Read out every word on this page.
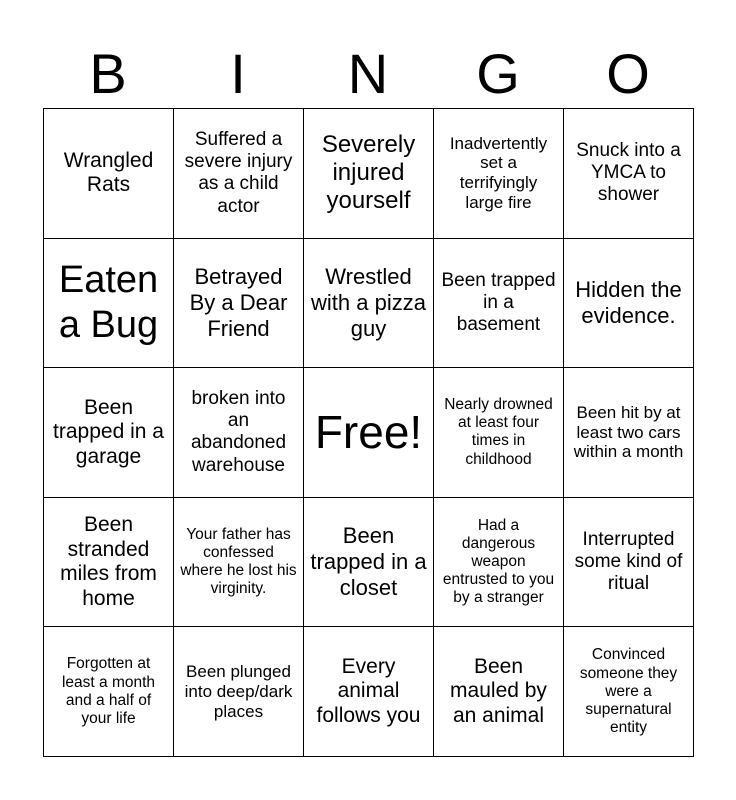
B	I	N	G	O
Wrangled Rats	Suffered a severe injury as a child actor	Severely injured yourself	Inadvertently set a terrifyingly large fire	Snuck into a YMCA to shower
Eaten a Bug	Betrayed By a Dear Friend	Wrestled with a pizza guy	Been trapped in a basement	Hidden the evidence.
Been trapped in a garage	broken into an abandoned warehouse	Free!	Nearly drowned at least four times in childhood	Been hit by at least two cars within a month
Been stranded miles from home	Your father has confessed where he lost his virginity.	Been trapped in a closet	Had a dangerous weapon entrusted to you by a stranger	Interrupted some kind of ritual
Forgotten at least a month and a half of your life	Been plunged into deep/dark places	Every animal follows you	Been mauled by an animal	Convinced someone they were a supernatural entity
